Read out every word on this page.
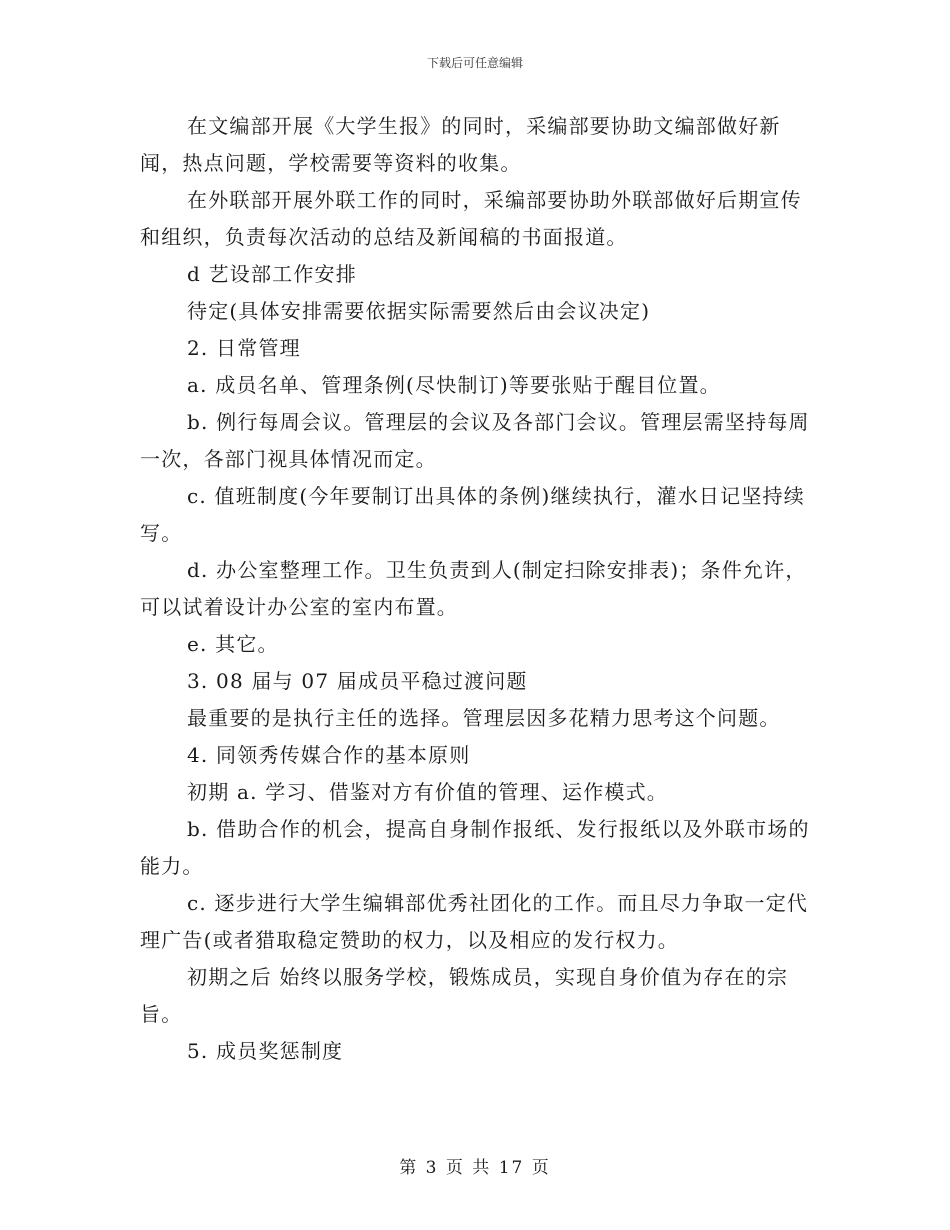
下载后可任意编辑

在文编部开展《大学生报》的同时，采编部要协助文编部做好新闻，热点问题，学校需要等资料的收集。

在外联部开展外联工作的同时，采编部要协助外联部做好后期宣传和组织，负责每次活动的总结及新闻稿的书面报道。

d 艺设部工作安排

待定(具体安排需要依据实际需要然后由会议决定)

2. 日常管理

a. 成员名单、管理条例(尽快制订)等要张贴于醒目位置。

b. 例行每周会议。管理层的会议及各部门会议。管理层需坚持每周一次，各部门视具体情况而定。

c. 值班制度(今年要制订出具体的条例)继续执行，灌水日记坚持续写。

d. 办公室整理工作。卫生负责到人(制定扫除安排表)；条件允许，可以试着设计办公室的室内布置。

e. 其它。

3. 08 届与 07 届成员平稳过渡问题

最重要的是执行主任的选择。管理层因多花精力思考这个问题。

4. 同领秀传媒合作的基本原则

初期 a. 学习、借鉴对方有价值的管理、运作模式。

b. 借助合作的机会，提高自身制作报纸、发行报纸以及外联市场的能力。

c. 逐步进行大学生编辑部优秀社团化的工作。而且尽力争取一定代理广告(或者猎取稳定赞助的权力，以及相应的发行权力。

初期之后 始终以服务学校，锻炼成员，实现自身价值为存在的宗旨。

5. 成员奖惩制度

第 3 页 共 17 页
